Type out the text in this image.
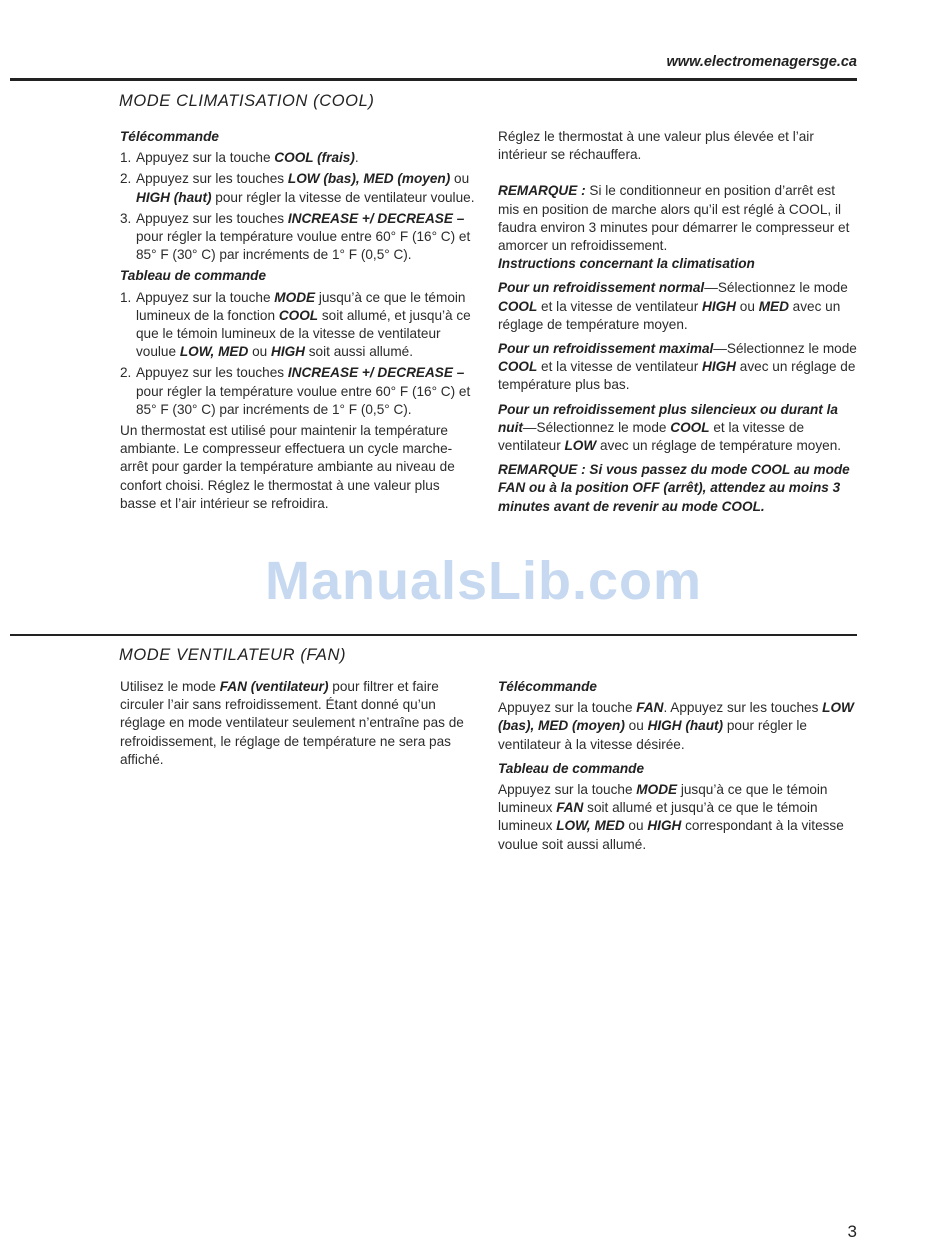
www.electromenagersge.ca
MODE CLIMATISATION (COOL)

Télécommande

1. Appuyez sur la touche COOL (frais).
2. Appuyez sur les touches LOW (bas), MED (moyen) ou HIGH (haut) pour régler la vitesse de ventilateur voulue.
3. Appuyez sur les touches INCREASE +/ DECREASE –     pour régler la température voulue entre 60° F (16° C) et 85° F (30° C) par incréments de 1° F (0,5° C).

Tableau de commande

1. Appuyez sur la touche MODE jusqu’à ce que le témoin lumineux de la fonction COOL soit allumé, et jusqu’à ce que le témoin lumineux de la vitesse de ventilateur voulue LOW, MED ou HIGH soit aussi allumé.
2. Appuyez sur les touches INCREASE +/ DECREASE –     pour régler la température voulue entre 60° F (16° C) et 85° F (30° C) par incréments de 1° F (0,5° C).

Un thermostat est utilisé pour maintenir la température ambiante. Le compresseur effectuera un cycle marche-arrêt pour garder la température ambiante au niveau de confort choisi. Réglez le thermostat à une valeur plus basse et l’air intérieur se refroidira.

Réglez le thermostat à une valeur plus élevée et l’air intérieur se réchauffera.

REMARQUE : Si le conditionneur en position d’arrêt est mis en position de marche alors qu’il est réglé à COOL, il faudra environ 3 minutes pour démarrer le compresseur et amorcer un refroidissement.

Instructions concernant la climatisation

Pour un refroidissement normal—Sélectionnez le mode COOL et la vitesse de ventilateur HIGH ou MED avec un réglage de température moyen.

Pour un refroidissement maximal—Sélectionnez le mode COOL et la vitesse de ventilateur HIGH avec un réglage de température plus bas.

Pour un refroidissement plus silencieux ou durant la nuit—Sélectionnez le mode COOL et la vitesse de ventilateur LOW avec un réglage de température moyen.

REMARQUE : Si vous passez du mode COOL au mode FAN ou à la position OFF (arrêt), attendez au moins 3 minutes avant de revenir au mode COOL.

ManualsLib.com
MODE VENTILATEUR (FAN)

Utilisez le mode FAN (ventilateur) pour filtrer et faire circuler l’air sans refroidissement. Étant donné qu’un réglage en mode ventilateur seulement n’entraîne pas de refroidissement, le réglage de température ne sera pas affiché.

Télécommande

Appuyez sur la touche FAN. Appuyez sur les touches LOW (bas), MED (moyen) ou HIGH (haut) pour régler le ventilateur à la vitesse désirée.

Tableau de commande

Appuyez sur la touche MODE jusqu’à ce que le témoin lumineux FAN soit allumé et jusqu’à ce que le témoin lumineux LOW, MED ou HIGH correspondant à la vitesse voulue soit aussi allumé.

3
